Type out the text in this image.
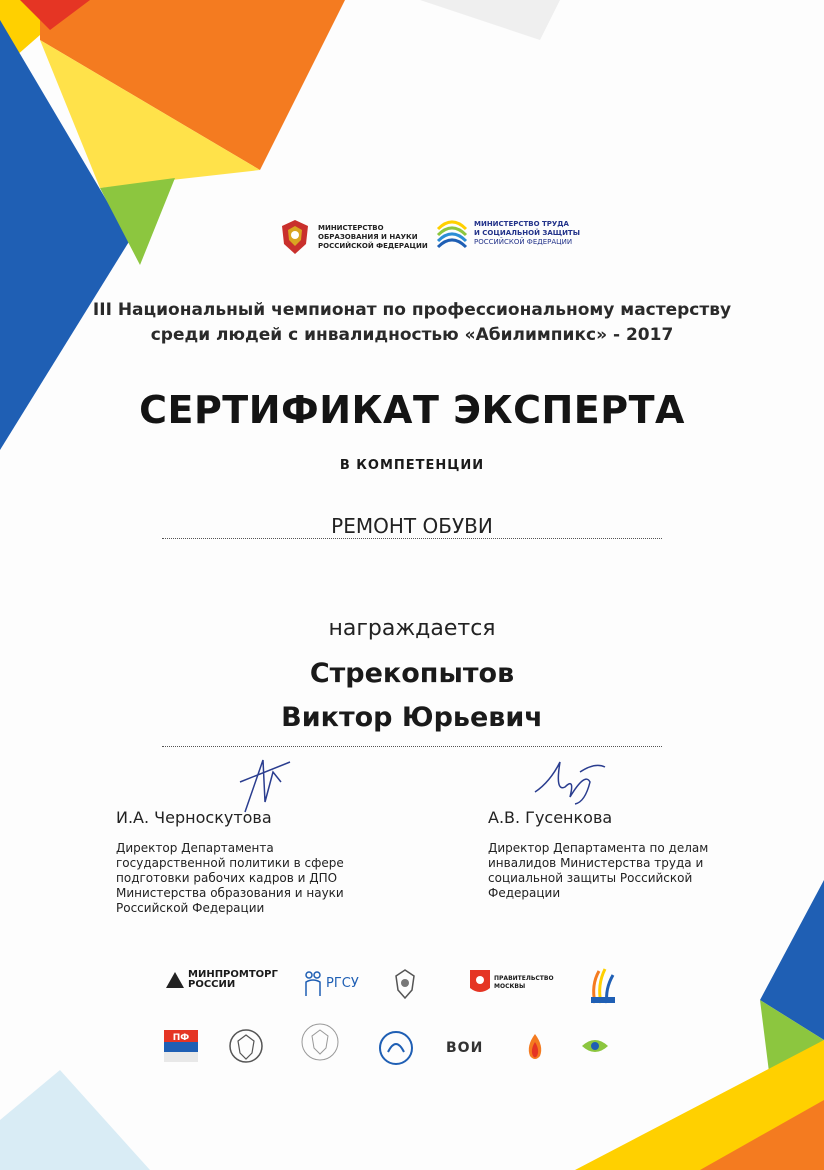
МИНИСТЕРСТВО
ОБРАЗОВАНИЯ И НАУКИ
РОССИЙСКОЙ ФЕДЕРАЦИИ
МИНИСТЕРСТВО ТРУДА
И СОЦИАЛЬНОЙ ЗАЩИТЫ
РОССИЙСКОЙ ФЕДЕРАЦИИ
III Национальный чемпионат по профессиональному мастерству
среди людей с инвалидностью «Абилимпикс» - 2017
СЕРТИФИКАТ ЭКСПЕРТА
В КОМПЕТЕНЦИИ
РЕМОНТ ОБУВИ
награждается
Стрекопытов
Виктор Юрьевич
И.А. Черноскутова
Директор Департамента
государственной политики в сфере
подготовки рабочих кадров и ДПО
Министерства образования и науки
Российской Федерации
А.В. Гусенкова
Директор Департамента по делам
инвалидов Министерства труда и
социальной защиты Российской
Федерации
МИНПРОМТОРГ
РОССИИ	РГСУ	ПРАВИТЕЛЬСТВО
МОСКВЫ
ПФ
ВОИ
